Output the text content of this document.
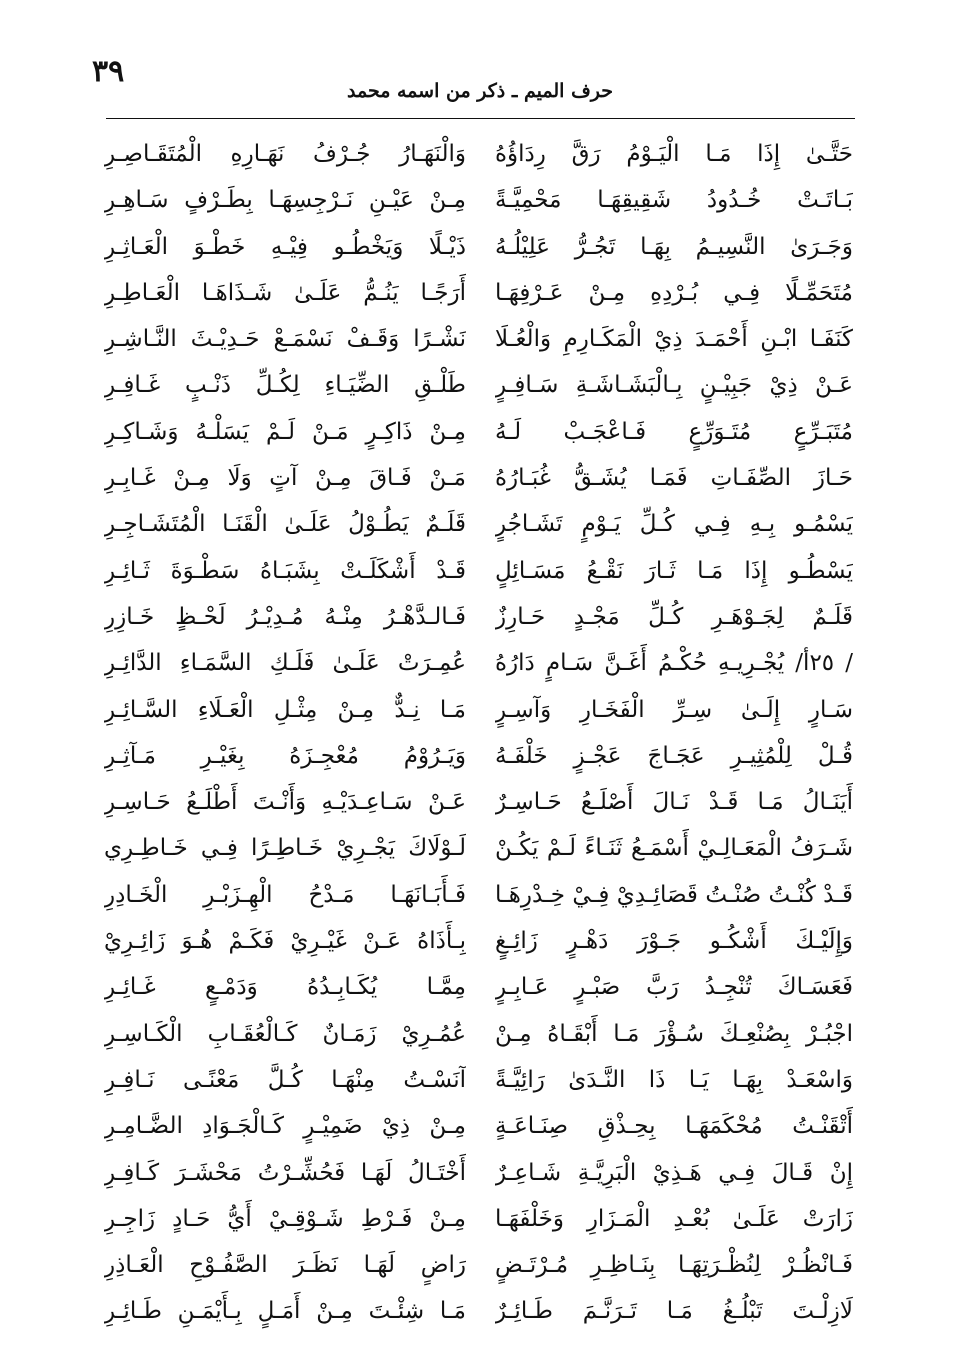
٣٩
حرف الميم ـ ذكر من اسمه محمد
حَتَّـىٰ إِذَا مَـا الْيَـوْمُ رَقَّ رِدَاؤُهُ
بَـاتَـتْ خُـدُودُ شَقِيقِهَـا مَحْمِيَّـةً
وَجَـرَىٰ النَّسِيـمُ بِهَـا تَجُـرُّ عَلِيْلُـهُ
مُتَحَمِّـلًا فِـي بُـرْدِهِ مِـنْ عَـرْفِهَـا
كَنَفَـا ابْـنِ أَحْمَـدَ ذِيْ الْمَكَـارِمِ وَالْعُـلَا
عَـنْ ذِيْ جَبِيْـنٍ بِـالْبَشَـاشَـةِ سَـافِـرٍ
مُتَبَـرِّعٍ مُتَـوَرِّعٍ فَـاعْجَـبْ لَـهُ
حَـازَ الصِّفَـاتِ فَمَـا يُشَـقُّ غُبَـارُهُ
يَسْمُـو بِـهِ فِـي كُـلِّ يَـوْمٍ تَشَـاجُرٍ
يَسْطُـو إِذَا مَـا ثَـارَ نَقْـعُ مَسَـائِلٍ
قَلَـمٌ لِجَـوْهَـرِ كُـلِّ مَجْـدٍ حَـارِزٌ
/ ٢٥أ/ يُجْـرِيـهِ حُكْـمُ أَغَـنَّ سَـامٍ دَارُهُ
سَـارٍ إِلَـىٰ سِـرِّ الْفَخَـارِ وَآسِـرٍ
قُـلْ لِلْمُثِيـرِ عَجَـاجَ عَجْـزٍ خَلْفَـهُ
أَيَنَـالُ مَـا قَـدْ نَـالَ أَصْلَـعُ حَـاسِـرٌ
شَـرَفُ الْمَعَـالِـيْ أَسْمَـعُ ثَنَـاءً لَـمْ يَكُـنْ
قَـدْ كُنْـتُ صُنْـتُ قَصَائِـدِيْ فِـيْ خِـدْرِهَـا
وَإِلَيْـكَ أَشْكُـو جَـوْرَ دَهْـرٍ زَائِـغٍ
فَعَسَـاكَ تُنْجِـدُ رَبَّ صَبْـرٍ عَـابِـرٍ
اجْبُـرْ بِصُنْعِـكَ سُـؤْرَ مَـا أَبْقَـاهُ مِـنْ
وَاسْعَـدْ بِهَـا يَـا ذَا النَّـدَىٰ رَائِيَّـةً
أَتْقَنْـتُ مُحْكَمَهَـا بِحِـذْقِ صِنَـاعَـةٍ
إِنْ قَـالَ فِـي هَـذِيْ الْبَرِيَّـةِ شَـاعِـرٌ
زَارَتْ عَلَـىٰ بُعْـدِ الْمَـزَارِ وَخَلْفَهَـا
فَـانْظُـرْ لِنُظْـرَتِهَـا بِنَـاظِـرِ مُـرْتَـضٍ
لَازِلْـتَ تَبْلُـغُ مَـا تَـرَنَّـمَ طَـائِـرٌ
وَالْنَهَـارُ جُـرْفُ نَهَـارِهِ الْمُتَقَـاصِـرِ
مِـنْ عَيْـنِ نَـرْجِسِهَـا بِطَـرْفٍ سَـاهِـرِ
ذَيْـلًا وَيَخْطُـو فِيْـهِ خَطْـوَ الْعَـاثِـرِ
أَرَجًـا يَنُـمُّ عَلَـىٰ شَـذَاهَـا الْعَـاطِـرِ
نَشْـرًا وَقَـفْ نَسْمَـعْ حَـدِيْـثَ النَّـاشِـرِ
طَلْـقِ الضِّيَـاءِ لِكُـلِّ ذَنْـبٍ غَـافِـرِ
مِـنْ ذَاكِـرٍ مَـنْ لَـمْ يَسَلْـهُ وَشَـاكِـرِ
مَـنْ فَـاقَ مِـنْ آتٍ وَلَا مِـنْ غَـابِـرِ
قَلَـمٌ يَطُـوْلُ عَلَـىٰ الْقَنَـا الْمُتَشَـاجِـرِ
قَـدْ أَشْكَلَـتْ بِشَبَـاهُ سَطْـوَةَ ثَـائِـرِ
فَـالـدَّهْـرُ مِنْـهُ مُـدِيْـرُ لَحْـظٍ خَـازِرِ
عُمِـرَتْ عَلَـىٰ فَلَـكِ السَّمَـاءِ الدَّائِـرِ
مَـا نِـدٌّ مِـنْ مِثْـلِ الْعَـلَاءِ السَّـائِـرِ
وَيَـرُوْمُ مُعْجِـزَهُ بِغَيْـرِ مَـآثِـرِ
عَـنْ سَـاعِـدَيْـهِ وَأَنْـتَ أَطْلَـعُ حَـاسِـرِ
لَـوْلَاكَ يَجْـرِيْ خَـاطِـرًا فِـي خَـاطِـرِي
فَـأَبَـانَهَـا مَـدْحُ الْهِـزَبْـرِ الْخَـادِرِ
بِـأَذَاهُ عَـنْ غَيْـرِيْ فَكَـمْ هُـوَ زَائِـرِيْ
مِمَّـا يُكَـابِـدُهُ وَدَمْـعٍ غَـائِـرِ
عُمُـرِيْ زَمَـانٌ كَـالْعُقَـابِ الْكَـاسِـرِ
آنَسْـتُ مِنْهَـا كُـلَّ مَعْنًـى نَـافِـرِ
مِـنْ ذِيْ ضَمِيْـرٍ كَـالْجَـوَادِ الضَّـامِـرِ
أَخْتَـالُ لَهَـا فَحُشِّـرْتُ مَحْشَـرَ كَـافِـرِ
مِـنْ فَـرْطِ شَـوْقِـيْ أَيُّ حَـادٍ زَاجِـرِ
رَاضٍ لَهَـا نَظَـرَ الصَّفُـوْحِ الْعَـاذِرِ
مَـا شِئْـتَ مِـنْ أَمَـلٍ بِـأَيْمَـنِ طَـائِـرِ
